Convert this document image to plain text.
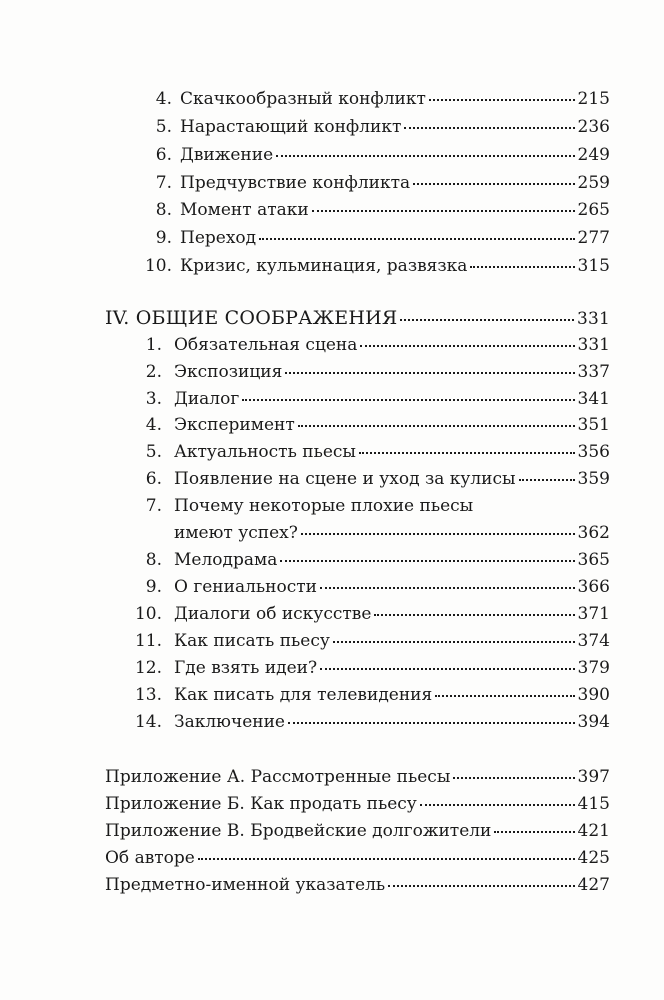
4. Скачкообразный конфликт	215
5. Нарастающий конфликт	236
6. Движение	249
7. Предчувствие конфликта	259
8. Момент атаки	265
9. Переход	277
10. Кризис, кульминация, развязка	315
IV. ОБЩИЕ СООБРАЖЕНИЯ	331
1. Обязательная сцена	331
2. Экспозиция	337
3. Диалог	341
4. Эксперимент	351
5. Актуальность пьесы	356
6. Появление на сцене и уход за кулисы	359
7. Почему некоторые плохие пьесы
имеют успех?	362
8. Мелодрама	365
9. О гениальности	366
10. Диалоги об искусстве	371
11. Как писать пьесу	374
12. Где взять идеи?	379
13. Как писать для телевидения	390
14. Заключение	394
Приложение А. Рассмотренные пьесы	397
Приложение Б. Как продать пьесу	415
Приложение В. Бродвейские долгожители	421
Об авторе	425
Предметно-именной указатель	427
